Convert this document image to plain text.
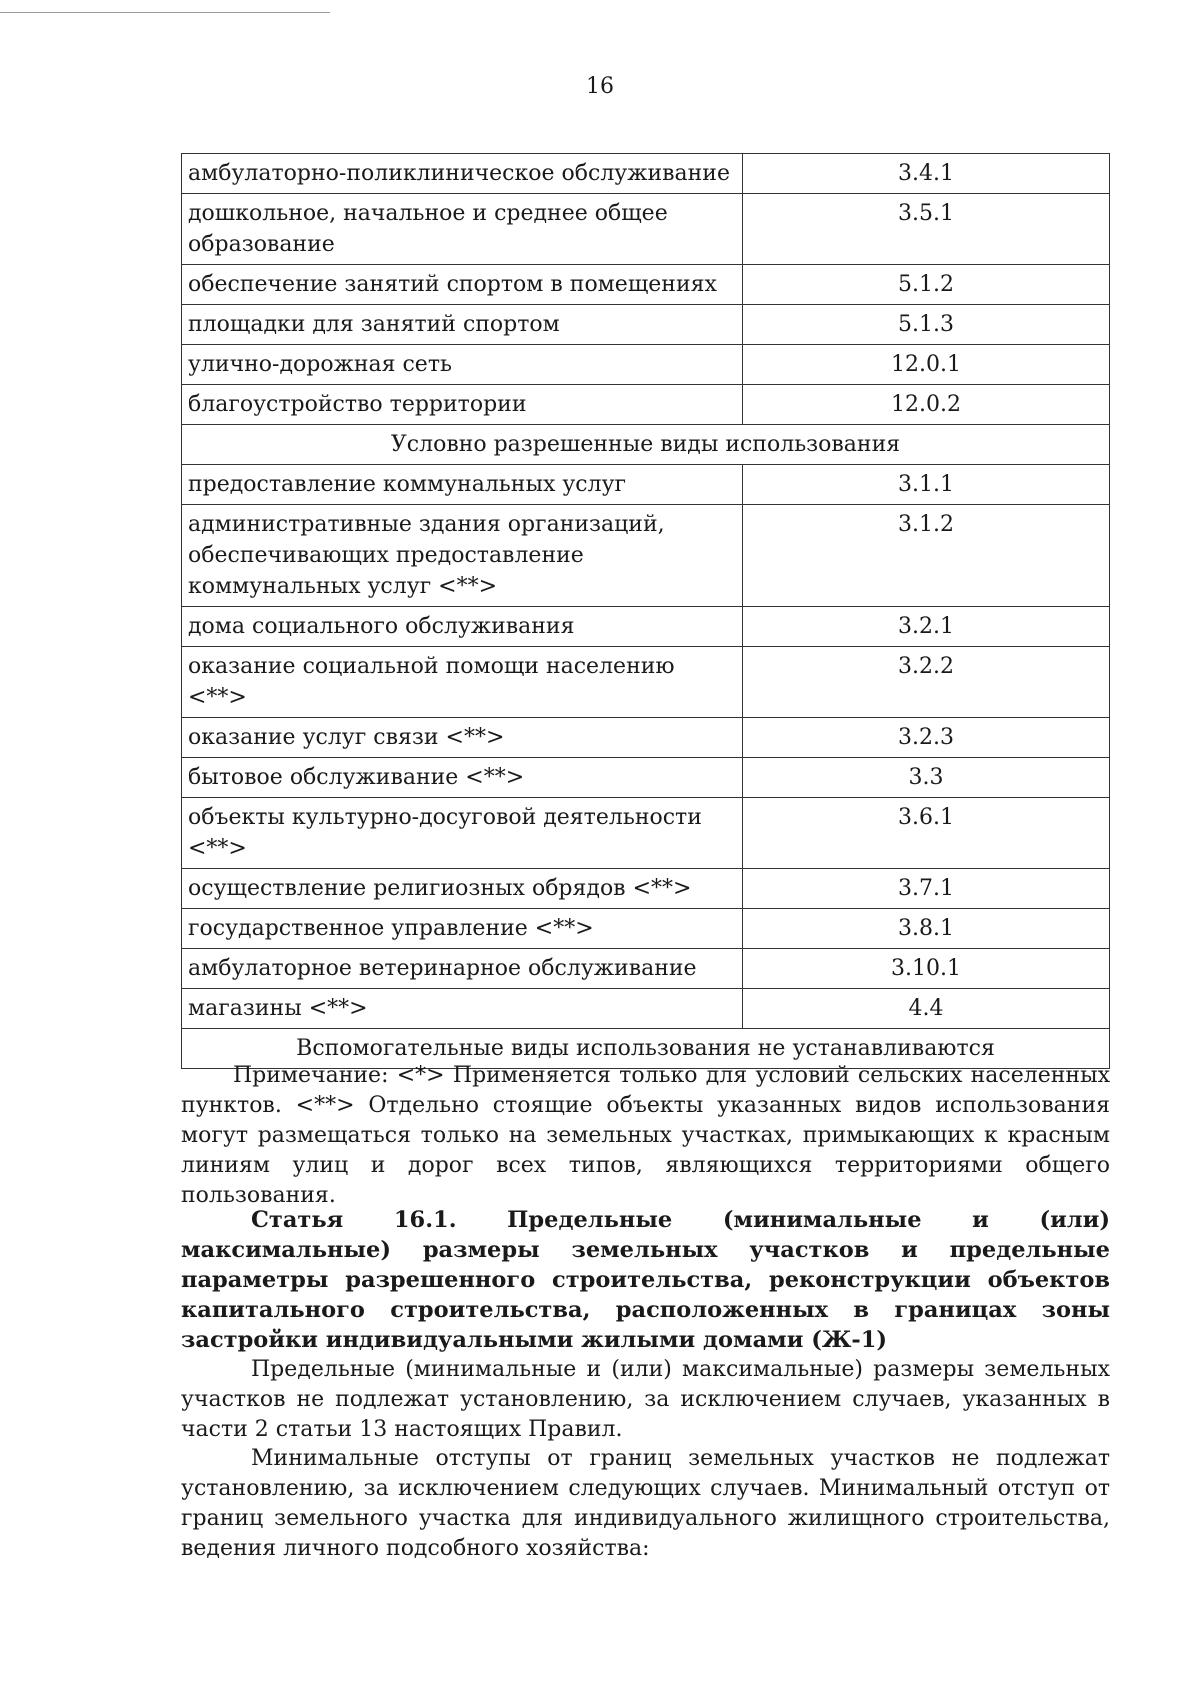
16
амбулаторно-поликлиническое обслуживание	3.4.1
дошкольное, начальное и среднее общее образование	3.5.1
обеспечение занятий спортом в помещениях	5.1.2
площадки для занятий спортом	5.1.3
улично-дорожная сеть	12.0.1
благоустройство территории	12.0.2
Условно разрешенные виды использования	
предоставление коммунальных услуг	3.1.1
административные здания организаций, обеспечивающих предоставление коммунальных услуг <**>	3.1.2
дома социального обслуживания	3.2.1
оказание социальной помощи населению <**>	3.2.2
оказание услуг связи <**>	3.2.3
бытовое обслуживание <**>	3.3
объекты культурно-досуговой деятельности <**>	3.6.1
осуществление религиозных обрядов <**>	3.7.1
государственное управление <**>	3.8.1
амбулаторное ветеринарное обслуживание	3.10.1
магазины <**>	4.4
Вспомогательные виды использования не устанавливаются	
Примечание: <*> Применяется только для условий сельских населенных пунктов. <**> Отдельно стоящие объекты указанных видов использования могут размещаться только на земельных участках, примыкающих к красным линиям улиц и дорог всех типов, являющихся территориями общего пользования.
Статья 16.1. Предельные (минимальные и (или) максимальные) размеры земельных участков и предельные параметры разрешенного строительства, реконструкции объектов капитального строительства, расположенных в границах зоны застройки индивидуальными жилыми домами (Ж-1)
Предельные (минимальные и (или) максимальные) размеры земельных участков не подлежат установлению, за исключением случаев, указанных в части 2 статьи 13 настоящих Правил.
Минимальные отступы от границ земельных участков не подлежат установлению, за исключением следующих случаев. Минимальный отступ от границ земельного участка для индивидуального жилищного строительства, ведения личного подсобного хозяйства:
